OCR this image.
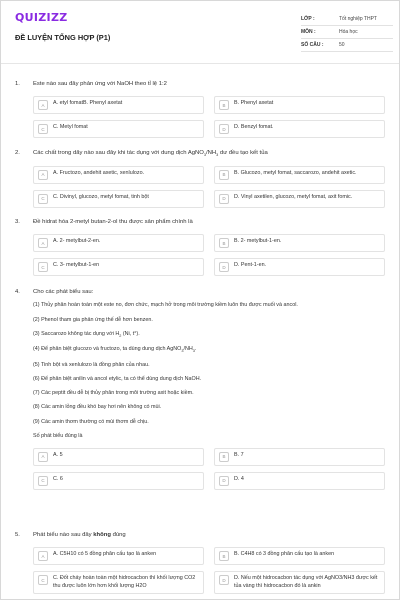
QUIZIZZ
ĐỀ LUYỆN TỔNG HỢP (P1)
LỚP :	Tốt nghiệp THPT
MÔN :	Hóa học
SỐ CÂU :	50
1.	Este nào sau đây phản ứng với NaOH theo tỉ lệ 1:2
A	A. etyl fomatB. Phenyl axetat	B	B. Phenyl axetat
C	C. Metyl fomat	D	D. Benzyl fomat.
2.	Các chất trong dãy nào sau đây khi tác dụng với dung dịch $AgNO_3/NH_3$ dư đều tạo kết tủa
A	A. Fructozo, andehit axetic, xenlulozo.	B	B. Glucozo, metyl fomat, saccarozo, andehit axetic.
C	C. Divinyl, glucozo, metyl fomat, tinh bột	D	D. Vinyl axetilen, glucozo, metyl fomat, axit fomic.
3.	Đề hidrat hóa 2-metyl butan-2-ol thu được sản phẩm chính là
A	A. 2- metylbut-2-en.	B	B. 2- metylbut-1-en.
C	C. 3- metylbut-1-en	D	D. Pent-1-en.
4.	Cho các phát biểu sau:
(1) Thủy phân hoàn toàn một este no, đơn chức, mạch hở trong môi trường kiềm luôn thu được muối và ancol.
(2) Phenol tham gia phản ứng thế dễ hơn benzen.
(3) Saccarozo không tác dụng với $H_2$ (Ni, t°).
(4) Để phân biệt glucozo và fructozo, ta dùng dung dịch $AgNO_3/NH_3$.
(5) Tinh bột và xenlulozo là đồng phân của nhau.
(6) Để phân biệt anilin và ancol etylic, ta có thể dùng dung dịch NaOH.
(7) Các peptit đều dễ bị thủy phân trong môi trường axit hoặc kiềm.
(8) Các amin lỏng đều khó bay hơi nên không có mùi.
(9) Các amin thơm thường có mùi thơm dễ chịu.
Số phát biểu đúng là
A	A. 5	B	B. 7
C	C. 6	D	D. 4
5.	Phát biểu nào sau đây không đúng
A	A. C5H10 có 5 đồng phân cấu tạo là anken	B	B. C4H8 có 3 đồng phân cấu tạo là anken
C	C. Đốt cháy hoàn toàn một hidrocacbon thì khối lượng CO2 thu được luôn lớn hơn khối lượng H2O
D	D. Nếu một hidrocacbon tác dụng với AgNO3/NH3 được kết tủa vàng thì hidrocacbon đó là ankin
